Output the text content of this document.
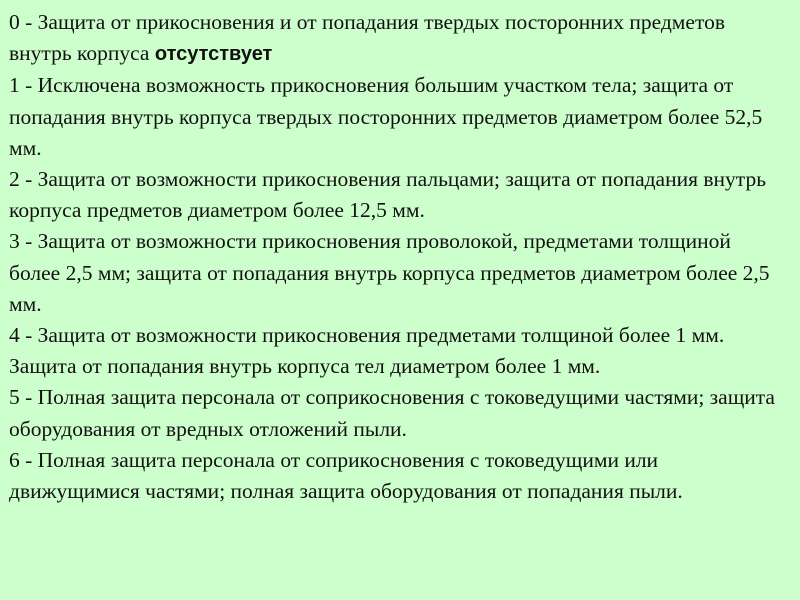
0 - Защита от прикосновения и от попадания твердых посторонних предметов внутрь корпуса отсутствует

1 - Исключена возможность прикосновения большим участком тела; защита от попадания внутрь корпуса твердых посторонних предметов диаметром более 52,5 мм.

2 - Защита от возможности прикосновения пальцами; защита от попадания внутрь корпуса предметов диаметром более 12,5 мм.

3 - Защита от возможности прикосновения проволокой, предметами толщиной более 2,5 мм; защита от попадания внутрь корпуса предметов диаметром более 2,5 мм.

4 - Защита от возможности прикосновения предметами толщиной более 1 мм. Защита от попадания внутрь корпуса тел диаметром более 1 мм.

5 - Полная защита персонала от соприкосновения с токоведущими частями; защита оборудования от вредных отложений пыли.

6 - Полная защита персонала от соприкосновения с токоведущими или движущимися частями; полная защита оборудования от попадания пыли.
